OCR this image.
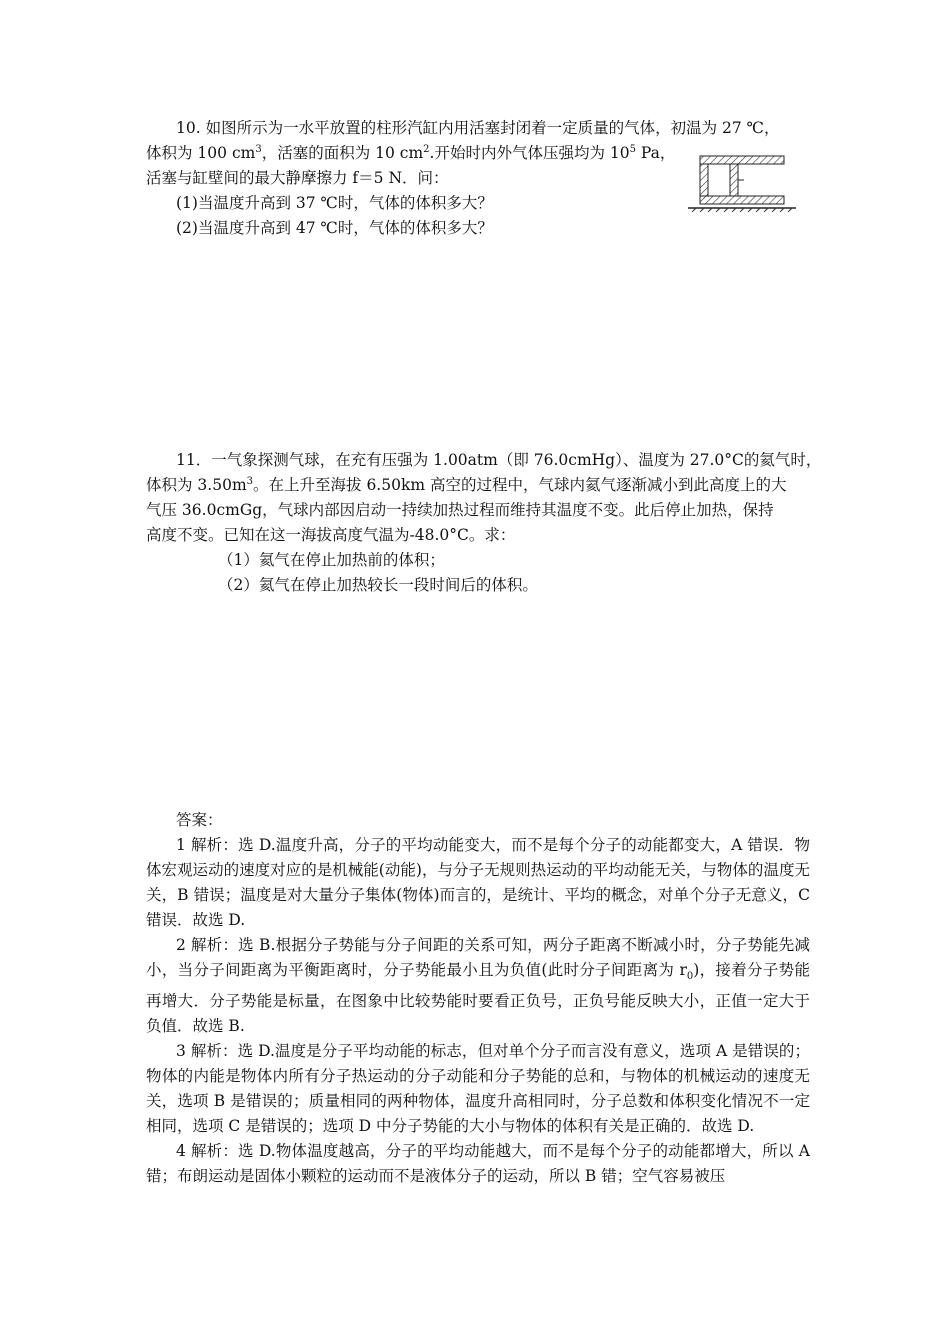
10. 如图所示为一水平放置的柱形汽缸内用活塞封闭着一定质量的气体，初温为 27 ℃，
体积为 100 $cm^3$，活塞的面积为 10 $cm^2$.开始时内外气体压强均为 $10^5$ Pa，
活塞与缸壁间的最大静摩擦力 f＝5 N．问：
(1)当温度升高到 37 ℃时，气体的体积多大？
(2)当温度升高到 47 ℃时，气体的体积多大？
11．一气象探测气球，在充有压强为 1.00atm（即 76.0cmHg）、温度为 27.0°C的氦气时，
体积为 $3.50m^3$。在上升至海拔 6.50km 高空的过程中，气球内氦气逐渐减小到此高度上的大
气压 36.0cmGg，气球内部因启动一持续加热过程而维持其温度不变。此后停止加热，保持
高度不变。已知在这一海拔高度气温为-48.0°C。求：
（1）氦气在停止加热前的体积；
（2）氦气在停止加热较长一段时间后的体积。

答案：

1 解析：选 D.温度升高，分子的平均动能变大，而不是每个分子的动能都变大，A 错误．物体宏观运动的速度对应的是机械能(动能)，与分子无规则热运动的平均动能无关，与物体的温度无关，B 错误；温度是对大量分子集体(物体)而言的，是统计、平均的概念，对单个分子无意义，C 错误．故选 D.

2 解析：选 B.根据分子势能与分子间距的关系可知，两分子距离不断减小时，分子势能先减小，当分子间距离为平衡距离时，分子势能最小且为负值(此时分子间距离为 $r_0$)，接着分子势能再增大．分子势能是标量，在图象中比较势能时要看正负号，正负号能反映大小，正值一定大于负值．故选 B.

3 解析：选 D.温度是分子平均动能的标志，但对单个分子而言没有意义，选项 A 是错误的；物体的内能是物体内所有分子热运动的分子动能和分子势能的总和，与物体的机械运动的速度无关，选项 B 是错误的；质量相同的两种物体，温度升高相同时，分子总数和体积变化情况不一定相同，选项 C 是错误的；选项 D 中分子势能的大小与物体的体积有关是正确的．故选 D.

4 解析：选 D.物体温度越高，分子的平均动能越大，而不是每个分子的动能都增大，所以 A 错；布朗运动是固体小颗粒的运动而不是液体分子的运动，所以 B 错；空气容易被压
